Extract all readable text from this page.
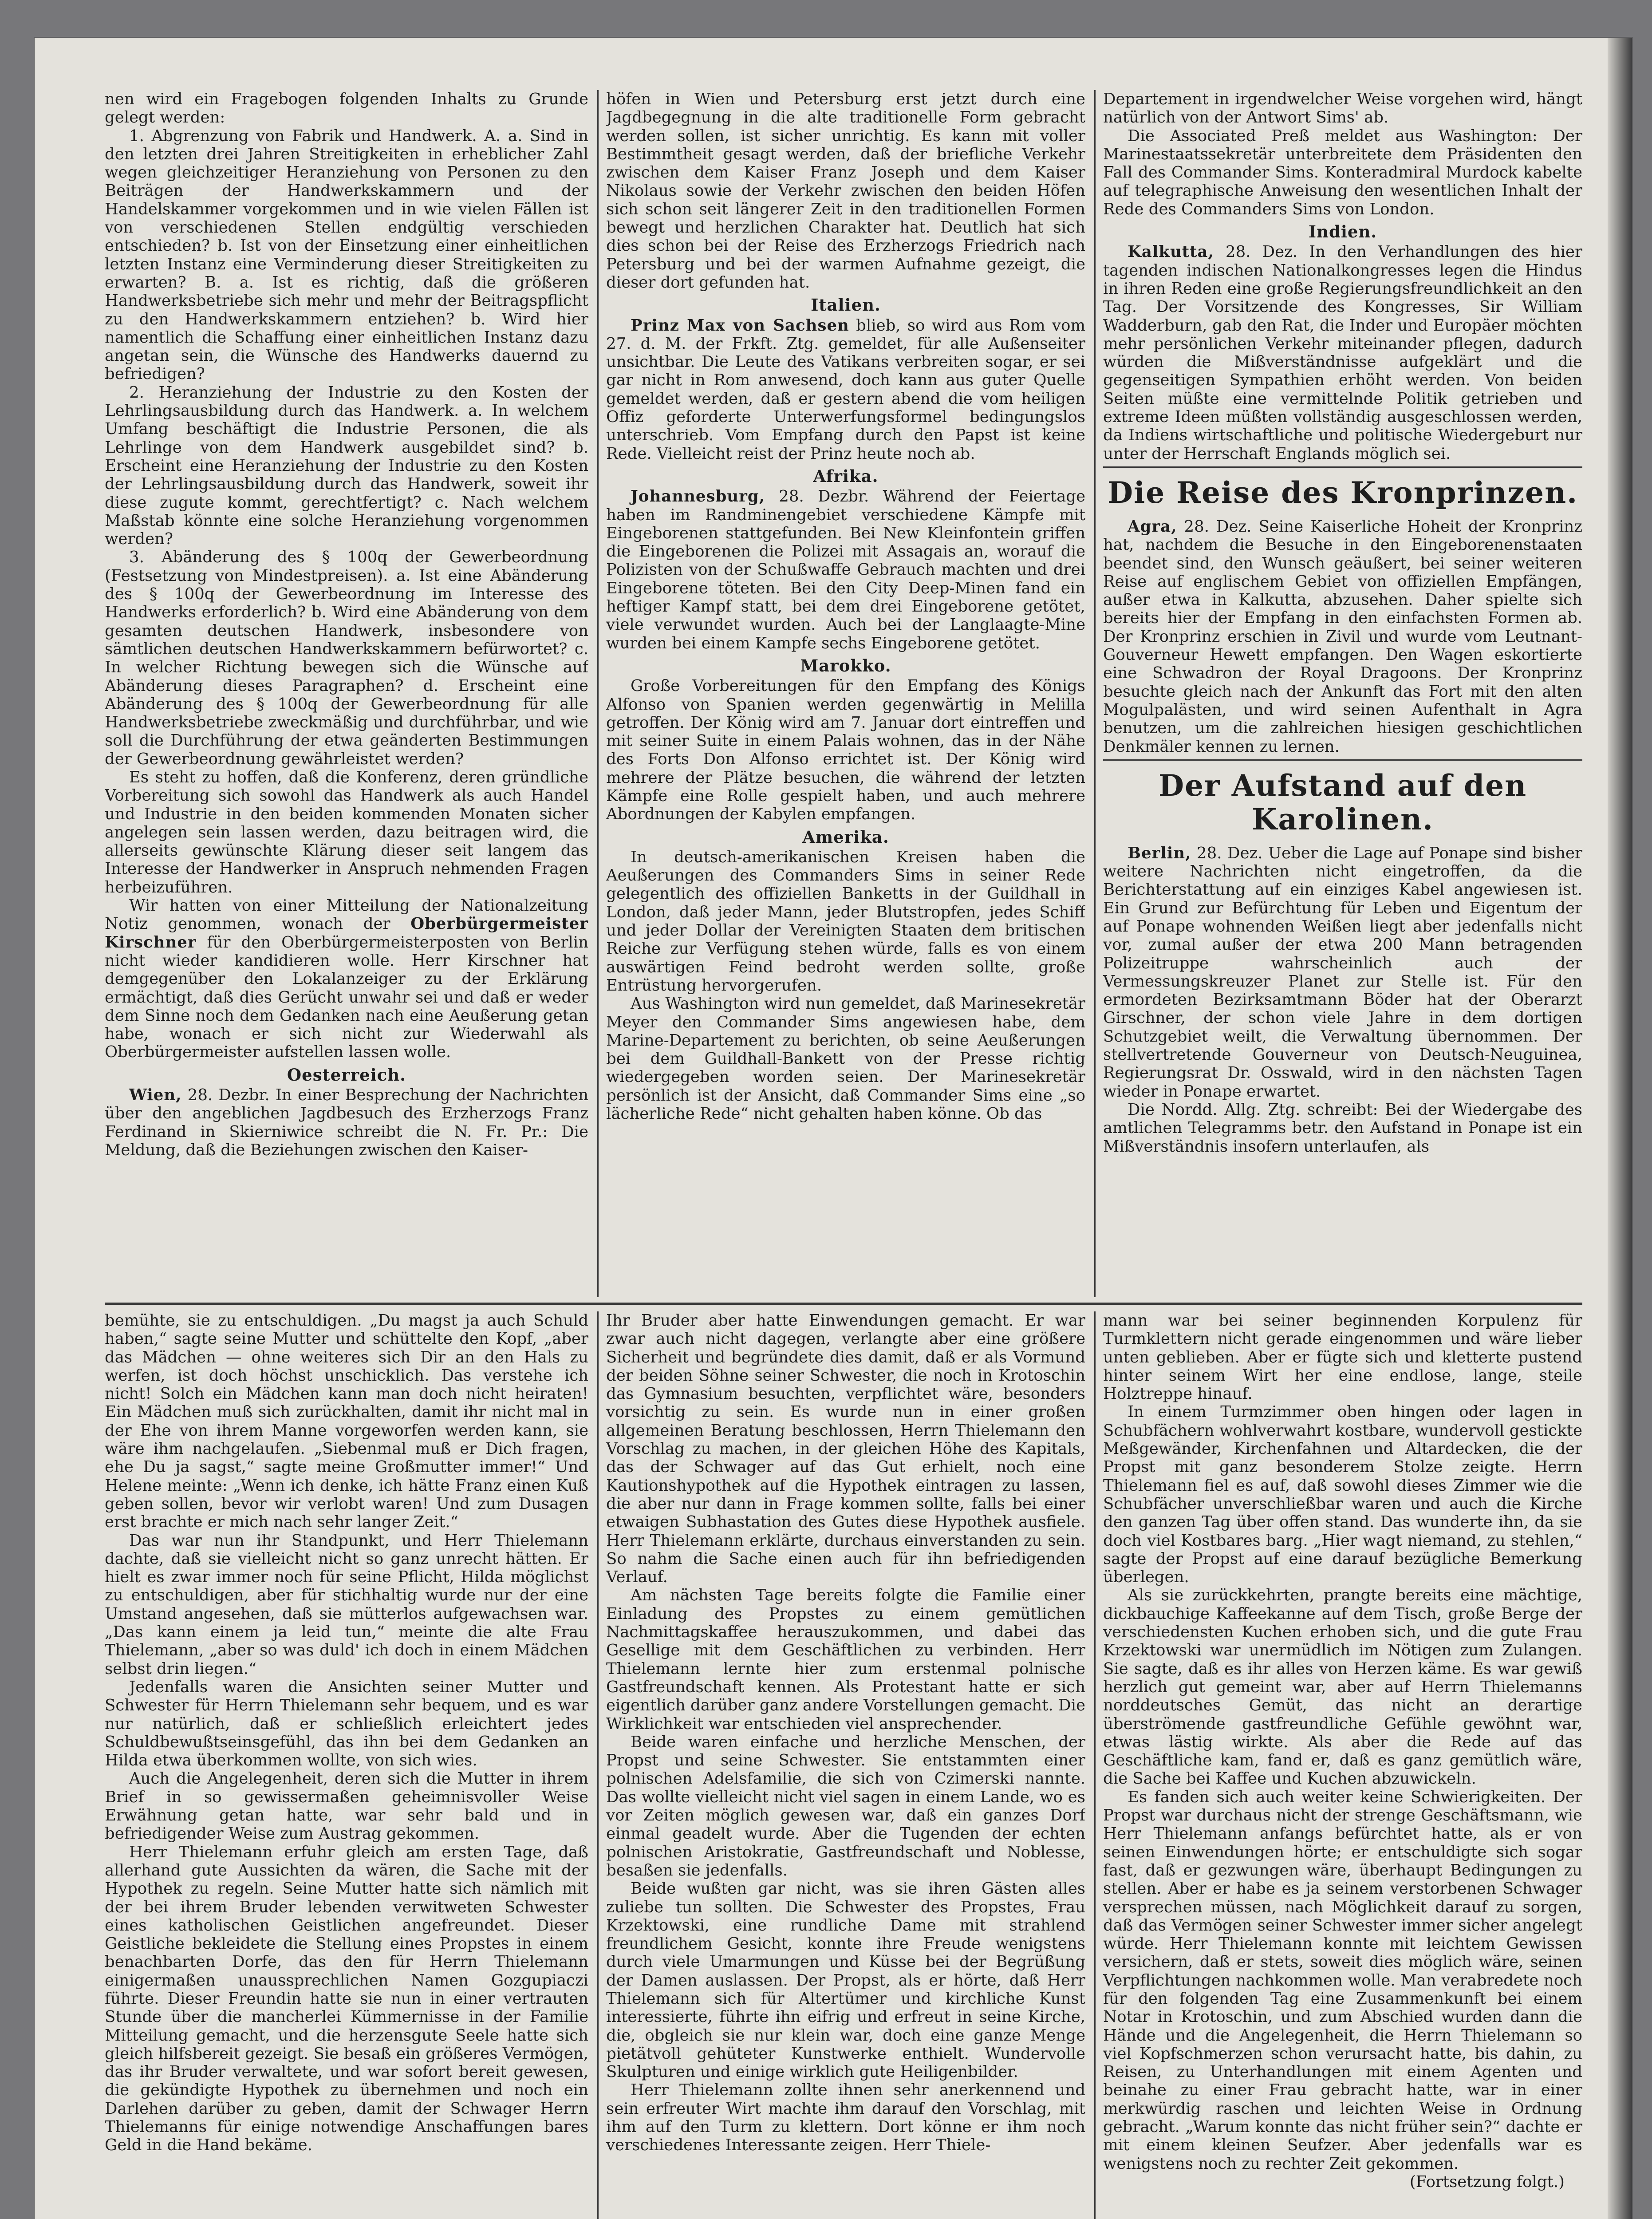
nen wird ein Fragebogen folgenden Inhalts zu Grunde gelegt werden:

1. Abgrenzung von Fabrik und Handwerk. A. a. Sind in den letzten drei Jahren Streitigkeiten in erheblicher Zahl wegen gleichzeitiger Heranziehung von Personen zu den Beiträgen der Handwerkskammern und der Handelskammer vorgekommen und in wie vielen Fällen ist von verschiedenen Stellen endgültig verschieden entschieden? b. Ist von der Einsetzung einer einheitlichen letzten Instanz eine Verminderung dieser Streitigkeiten zu erwarten? B. a. Ist es richtig, daß die größeren Handwerksbetriebe sich mehr und mehr der Beitragspflicht zu den Handwerkskammern entziehen? b. Wird hier namentlich die Schaffung einer einheitlichen Instanz dazu angetan sein, die Wünsche des Handwerks dauernd zu befriedigen?

2. Heranziehung der Industrie zu den Kosten der Lehrlingsausbildung durch das Handwerk. a. In welchem Umfang beschäftigt die Industrie Personen, die als Lehrlinge von dem Handwerk ausgebildet sind? b. Erscheint eine Heranziehung der Industrie zu den Kosten der Lehrlingsausbildung durch das Handwerk, soweit ihr diese zugute kommt, gerechtfertigt? c. Nach welchem Maßstab könnte eine solche Heranziehung vorgenommen werden?

3. Abänderung des § 100q der Gewerbeordnung (Festsetzung von Mindestpreisen). a. Ist eine Abänderung des § 100q der Gewerbeordnung im Interesse des Handwerks erforderlich? b. Wird eine Abänderung von dem gesamten deutschen Handwerk, insbesondere von sämtlichen deutschen Handwerkskammern befürwortet? c. In welcher Richtung bewegen sich die Wünsche auf Abänderung dieses Paragraphen? d. Erscheint eine Abänderung des § 100q der Gewerbeordnung für alle Handwerksbetriebe zweckmäßig und durchführbar, und wie soll die Durchführung der etwa geänderten Bestimmungen der Gewerbeordnung gewährleistet werden?

Es steht zu hoffen, daß die Konferenz, deren gründliche Vorbereitung sich sowohl das Handwerk als auch Handel und Industrie in den beiden kommenden Monaten sicher angelegen sein lassen werden, dazu beitragen wird, die allerseits gewünschte Klärung dieser seit langem das Interesse der Handwerker in Anspruch nehmenden Fragen herbeizuführen.

Wir hatten von einer Mitteilung der Nationalzeitung Notiz genommen, wonach der Oberbürgermeister Kirschner für den Oberbürgermeisterposten von Berlin nicht wieder kandidieren wolle. Herr Kirschner hat demgegenüber den Lokalanzeiger zu der Erklärung ermächtigt, daß dies Gerücht unwahr sei und daß er weder dem Sinne noch dem Gedanken nach eine Aeußerung getan habe, wonach er sich nicht zur Wiederwahl als Oberbürgermeister aufstellen lassen wolle.

Oesterreich.

Wien, 28. Dezbr. In einer Besprechung der Nachrichten über den angeblichen Jagdbesuch des Erzherzogs Franz Ferdinand in Skierniwice schreibt die N. Fr. Pr.: Die Meldung, daß die Beziehungen zwischen den Kaiser-

höfen in Wien und Petersburg erst jetzt durch eine Jagdbegegnung in die alte traditionelle Form gebracht werden sollen, ist sicher unrichtig. Es kann mit voller Bestimmtheit gesagt werden, daß der briefliche Verkehr zwischen dem Kaiser Franz Joseph und dem Kaiser Nikolaus sowie der Verkehr zwischen den beiden Höfen sich schon seit längerer Zeit in den traditionellen Formen bewegt und herzlichen Charakter hat. Deutlich hat sich dies schon bei der Reise des Erzherzogs Friedrich nach Petersburg und bei der warmen Aufnahme gezeigt, die dieser dort gefunden hat.

Italien.

Prinz Max von Sachsen blieb, so wird aus Rom vom 27. d. M. der Frkft. Ztg. gemeldet, für alle Außenseiter unsichtbar. Die Leute des Vatikans verbreiten sogar, er sei gar nicht in Rom anwesend, doch kann aus guter Quelle gemeldet werden, daß er gestern abend die vom heiligen Offiz geforderte Unterwerfungsformel bedingungslos unterschrieb. Vom Empfang durch den Papst ist keine Rede. Vielleicht reist der Prinz heute noch ab.

Afrika.

Johannesburg, 28. Dezbr. Während der Feiertage haben im Randminengebiet verschiedene Kämpfe mit Eingeborenen stattgefunden. Bei New Kleinfontein griffen die Eingeborenen die Polizei mit Assagais an, worauf die Polizisten von der Schußwaffe Gebrauch machten und drei Eingeborene töteten. Bei den City Deep-Minen fand ein heftiger Kampf statt, bei dem drei Eingeborene getötet, viele verwundet wurden. Auch bei der Langlaagte-Mine wurden bei einem Kampfe sechs Eingeborene getötet.

Marokko.

Große Vorbereitungen für den Empfang des Königs Alfonso von Spanien werden gegenwärtig in Melilla getroffen. Der König wird am 7. Januar dort eintreffen und mit seiner Suite in einem Palais wohnen, das in der Nähe des Forts Don Alfonso errichtet ist. Der König wird mehrere der Plätze besuchen, die während der letzten Kämpfe eine Rolle gespielt haben, und auch mehrere Abordnungen der Kabylen empfangen.

Amerika.

In deutsch-amerikanischen Kreisen haben die Aeußerungen des Commanders Sims in seiner Rede gelegentlich des offiziellen Banketts in der Guildhall in London, daß jeder Mann, jeder Blutstropfen, jedes Schiff und jeder Dollar der Vereinigten Staaten dem britischen Reiche zur Verfügung stehen würde, falls es von einem auswärtigen Feind bedroht werden sollte, große Entrüstung hervorgerufen.

Aus Washington wird nun gemeldet, daß Marinesekretär Meyer den Commander Sims angewiesen habe, dem Marine-Departement zu berichten, ob seine Aeußerungen bei dem Guildhall-Bankett von der Presse richtig wiedergegeben worden seien. Der Marinesekretär persönlich ist der Ansicht, daß Commander Sims eine „so lächerliche Rede“ nicht gehalten haben könne. Ob das

Departement in irgendwelcher Weise vorgehen wird, hängt natürlich von der Antwort Sims' ab.

Die Associated Preß meldet aus Washington: Der Marinestaatssekretär unterbreitete dem Präsidenten den Fall des Commander Sims. Konteradmiral Murdock kabelte auf telegraphische Anweisung den wesentlichen Inhalt der Rede des Commanders Sims von London.

Indien.

Kalkutta, 28. Dez. In den Verhandlungen des hier tagenden indischen Nationalkongresses legen die Hindus in ihren Reden eine große Regierungsfreundlichkeit an den Tag. Der Vorsitzende des Kongresses, Sir William Wadderburn, gab den Rat, die Inder und Europäer möchten mehr persönlichen Verkehr miteinander pflegen, dadurch würden die Mißverständnisse aufgeklärt und die gegenseitigen Sympathien erhöht werden. Von beiden Seiten müßte eine vermittelnde Politik getrieben und extreme Ideen müßten vollständig ausgeschlossen werden, da Indiens wirtschaftliche und politische Wiedergeburt nur unter der Herrschaft Englands möglich sei.

Die Reise des Kronprinzen.

Agra, 28. Dez. Seine Kaiserliche Hoheit der Kronprinz hat, nachdem die Besuche in den Eingeborenenstaaten beendet sind, den Wunsch geäußert, bei seiner weiteren Reise auf englischem Gebiet von offiziellen Empfängen, außer etwa in Kalkutta, abzusehen. Daher spielte sich bereits hier der Empfang in den einfachsten Formen ab. Der Kronprinz erschien in Zivil und wurde vom Leutnant-Gouverneur Hewett empfangen. Den Wagen eskortierte eine Schwadron der Royal Dragoons. Der Kronprinz besuchte gleich nach der Ankunft das Fort mit den alten Mogulpalästen, und wird seinen Aufenthalt in Agra benutzen, um die zahlreichen hiesigen geschichtlichen Denkmäler kennen zu lernen.

Der Aufstand auf den Karolinen.

Berlin, 28. Dez. Ueber die Lage auf Ponape sind bisher weitere Nachrichten nicht eingetroffen, da die Berichterstattung auf ein einziges Kabel angewiesen ist. Ein Grund zur Befürchtung für Leben und Eigentum der auf Ponape wohnenden Weißen liegt aber jedenfalls nicht vor, zumal außer der etwa 200 Mann betragenden Polizeitruppe wahrscheinlich auch der Vermessungskreuzer Planet zur Stelle ist. Für den ermordeten Bezirksamtmann Böder hat der Oberarzt Girschner, der schon viele Jahre in dem dortigen Schutzgebiet weilt, die Verwaltung übernommen. Der stellvertretende Gouverneur von Deutsch-Neuguinea, Regierungsrat Dr. Osswald, wird in den nächsten Tagen wieder in Ponape erwartet.

Die Nordd. Allg. Ztg. schreibt: Bei der Wiedergabe des amtlichen Telegramms betr. den Aufstand in Ponape ist ein Mißverständnis insofern unterlaufen, als

bemühte, sie zu entschuldigen. „Du magst ja auch Schuld haben,“ sagte seine Mutter und schüttelte den Kopf, „aber das Mädchen — ohne weiteres sich Dir an den Hals zu werfen, ist doch höchst unschicklich. Das verstehe ich nicht! Solch ein Mädchen kann man doch nicht heiraten! Ein Mädchen muß sich zurückhalten, damit ihr nicht mal in der Ehe von ihrem Manne vorgeworfen werden kann, sie wäre ihm nachgelaufen. „Siebenmal muß er Dich fragen, ehe Du ja sagst,“ sagte meine Großmutter immer!“ Und Helene meinte: „Wenn ich denke, ich hätte Franz einen Kuß geben sollen, bevor wir verlobt waren! Und zum Dusagen erst brachte er mich nach sehr langer Zeit.“

Das war nun ihr Standpunkt, und Herr Thielemann dachte, daß sie vielleicht nicht so ganz unrecht hätten. Er hielt es zwar immer noch für seine Pflicht, Hilda möglichst zu entschuldigen, aber für stichhaltig wurde nur der eine Umstand angesehen, daß sie mütterlos aufgewachsen war. „Das kann einem ja leid tun,“ meinte die alte Frau Thielemann, „aber so was duld' ich doch in einem Mädchen selbst drin liegen.“

Jedenfalls waren die Ansichten seiner Mutter und Schwester für Herrn Thielemann sehr bequem, und es war nur natürlich, daß er schließlich erleichtert jedes Schuldbewußtseinsgefühl, das ihn bei dem Gedanken an Hilda etwa überkommen wollte, von sich wies.

Auch die Angelegenheit, deren sich die Mutter in ihrem Brief in so gewissermaßen geheimnisvoller Weise Erwähnung getan hatte, war sehr bald und in befriedigender Weise zum Austrag gekommen.

Herr Thielemann erfuhr gleich am ersten Tage, daß allerhand gute Aussichten da wären, die Sache mit der Hypothek zu regeln. Seine Mutter hatte sich nämlich mit der bei ihrem Bruder lebenden verwitweten Schwester eines katholischen Geistlichen angefreundet. Dieser Geistliche bekleidete die Stellung eines Propstes in einem benachbarten Dorfe, das den für Herrn Thielemann einigermaßen unaussprechlichen Namen Gozgupiaczi führte. Dieser Freundin hatte sie nun in einer vertrauten Stunde über die mancherlei Kümmernisse in der Familie Mitteilung gemacht, und die herzensgute Seele hatte sich gleich hilfsbereit gezeigt. Sie besaß ein größeres Vermögen, das ihr Bruder verwaltete, und war sofort bereit gewesen, die gekündigte Hypothek zu übernehmen und noch ein Darlehen darüber zu geben, damit der Schwager Herrn Thielemanns für einige notwendige Anschaffungen bares Geld in die Hand bekäme.

Ihr Bruder aber hatte Einwendungen gemacht. Er war zwar auch nicht dagegen, verlangte aber eine größere Sicherheit und begründete dies damit, daß er als Vormund der beiden Söhne seiner Schwester, die noch in Krotoschin das Gymnasium besuchten, verpflichtet wäre, besonders vorsichtig zu sein. Es wurde nun in einer großen allgemeinen Beratung beschlossen, Herrn Thielemann den Vorschlag zu machen, in der gleichen Höhe des Kapitals, das der Schwager auf das Gut erhielt, noch eine Kautionshypothek auf die Hypothek eintragen zu lassen, die aber nur dann in Frage kommen sollte, falls bei einer etwaigen Subhastation des Gutes diese Hypothek ausfiele. Herr Thielemann erklärte, durchaus einverstanden zu sein. So nahm die Sache einen auch für ihn befriedigenden Verlauf.

Am nächsten Tage bereits folgte die Familie einer Einladung des Propstes zu einem gemütlichen Nachmittagskaffee herauszukommen, und dabei das Gesellige mit dem Geschäftlichen zu verbinden. Herr Thielemann lernte hier zum erstenmal polnische Gastfreundschaft kennen. Als Protestant hatte er sich eigentlich darüber ganz andere Vorstellungen gemacht. Die Wirklichkeit war entschieden viel ansprechender.

Beide waren einfache und herzliche Menschen, der Propst und seine Schwester. Sie entstammten einer polnischen Adelsfamilie, die sich von Czimerski nannte. Das wollte vielleicht nicht viel sagen in einem Lande, wo es vor Zeiten möglich gewesen war, daß ein ganzes Dorf einmal geadelt wurde. Aber die Tugenden der echten polnischen Aristokratie, Gastfreundschaft und Noblesse, besaßen sie jedenfalls.

Beide wußten gar nicht, was sie ihren Gästen alles zuliebe tun sollten. Die Schwester des Propstes, Frau Krzektowski, eine rundliche Dame mit strahlend freundlichem Gesicht, konnte ihre Freude wenigstens durch viele Umarmungen und Küsse bei der Begrüßung der Damen auslassen. Der Propst, als er hörte, daß Herr Thielemann sich für Altertümer und kirchliche Kunst interessierte, führte ihn eifrig und erfreut in seine Kirche, die, obgleich sie nur klein war, doch eine ganze Menge pietätvoll gehüteter Kunstwerke enthielt. Wundervolle Skulpturen und einige wirklich gute Heiligenbilder.

Herr Thielemann zollte ihnen sehr anerkennend und sein erfreuter Wirt machte ihm darauf den Vorschlag, mit ihm auf den Turm zu klettern. Dort könne er ihm noch verschiedenes Interessante zeigen. Herr Thiele-

mann war bei seiner beginnenden Korpulenz für Turmklettern nicht gerade eingenommen und wäre lieber unten geblieben. Aber er fügte sich und kletterte pustend hinter seinem Wirt her eine endlose, lange, steile Holztreppe hinauf.

In einem Turmzimmer oben hingen oder lagen in Schubfächern wohlverwahrt kostbare, wundervoll gestickte Meßgewänder, Kirchenfahnen und Altardecken, die der Propst mit ganz besonderem Stolze zeigte. Herrn Thielemann fiel es auf, daß sowohl dieses Zimmer wie die Schubfächer unverschließbar waren und auch die Kirche den ganzen Tag über offen stand. Das wunderte ihn, da sie doch viel Kostbares barg. „Hier wagt niemand, zu stehlen,“ sagte der Propst auf eine darauf bezügliche Bemerkung überlegen.

Als sie zurückkehrten, prangte bereits eine mächtige, dickbauchige Kaffeekanne auf dem Tisch, große Berge der verschiedensten Kuchen erhoben sich, und die gute Frau Krzektowski war unermüdlich im Nötigen zum Zulangen. Sie sagte, daß es ihr alles von Herzen käme. Es war gewiß herzlich gut gemeint war, aber auf Herrn Thielemanns norddeutsches Gemüt, das nicht an derartige überströmende gastfreundliche Gefühle gewöhnt war, etwas lästig wirkte. Als aber die Rede auf das Geschäftliche kam, fand er, daß es ganz gemütlich wäre, die Sache bei Kaffee und Kuchen abzuwickeln.

Es fanden sich auch weiter keine Schwierigkeiten. Der Propst war durchaus nicht der strenge Geschäftsmann, wie Herr Thielemann anfangs befürchtet hatte, als er von seinen Einwendungen hörte; er entschuldigte sich sogar fast, daß er gezwungen wäre, überhaupt Bedingungen zu stellen. Aber er habe es ja seinem verstorbenen Schwager versprechen müssen, nach Möglichkeit darauf zu sorgen, daß das Vermögen seiner Schwester immer sicher angelegt würde. Herr Thielemann konnte mit leichtem Gewissen versichern, daß er stets, soweit dies möglich wäre, seinen Verpflichtungen nachkommen wolle. Man verabredete noch für den folgenden Tag eine Zusammenkunft bei einem Notar in Krotoschin, und zum Abschied wurden dann die Hände und die Angelegenheit, die Herrn Thielemann so viel Kopfschmerzen schon verursacht hatte, bis dahin, zu Reisen, zu Unterhandlungen mit einem Agenten und beinahe zu einer Frau gebracht hatte, war in einer merkwürdig raschen und leichten Weise in Ordnung gebracht. „Warum konnte das nicht früher sein?“ dachte er mit einem kleinen Seufzer. Aber jedenfalls war es wenigstens noch zu rechter Zeit gekommen.

(Fortsetzung folgt.)
